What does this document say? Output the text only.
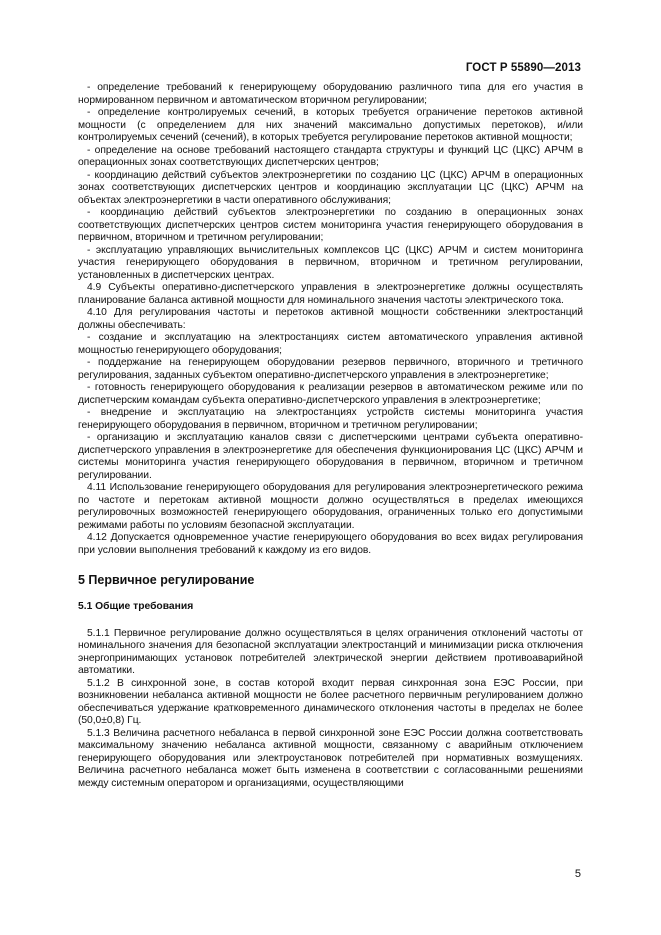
ГОСТ Р 55890—2013

- определение требований к генерирующему оборудованию различного типа для его участия в нормированном первичном и автоматическом вторичном регулировании;

- определение контролируемых сечений, в которых требуется ограничение перетоков активной мощности (с определением для них значений максимально допустимых перетоков), и/или контролируемых сечений (сечений), в которых требуется регулирование перетоков активной мощности;

- определение на основе требований настоящего стандарта структуры и функций ЦС (ЦКС) АРЧМ в операционных зонах соответствующих диспетчерских центров;

- координацию действий субъектов электроэнергетики по созданию ЦС (ЦКС) АРЧМ в операционных зонах соответствующих диспетчерских центров и координацию эксплуатации ЦС (ЦКС) АРЧМ на объектах электроэнергетики в части оперативного обслуживания;

- координацию действий субъектов электроэнергетики по созданию в операционных зонах соответствующих диспетчерских центров систем мониторинга участия генерирующего оборудования в первичном, вторичном и третичном регулировании;

- эксплуатацию управляющих вычислительных комплексов ЦС (ЦКС) АРЧМ и систем мониторинга участия генерирующего оборудования в первичном, вторичном и третичном регулировании, установленных в диспетчерских центрах.

4.9 Субъекты оперативно-диспетчерского управления в электроэнергетике должны осуществлять планирование баланса активной мощности для номинального значения частоты электрического тока.

4.10 Для регулирования частоты и перетоков активной мощности собственники электростанций должны обеспечивать:

- создание и эксплуатацию на электростанциях систем автоматического управления активной мощностью генерирующего оборудования;

- поддержание на генерирующем оборудовании резервов первичного, вторичного и третичного регулирования, заданных субъектом оперативно-диспетчерского управления в электроэнергетике;

- готовность генерирующего оборудования к реализации резервов в автоматическом режиме или по диспетчерским командам субъекта оперативно-диспетчерского управления в электроэнергетике;

- внедрение и эксплуатацию на электростанциях устройств системы мониторинга участия генерирующего оборудования в первичном, вторичном и третичном регулировании;

- организацию и эксплуатацию каналов связи с диспетчерскими центрами субъекта оперативно-диспетчерского управления в электроэнергетике для обеспечения функционирования ЦС (ЦКС) АРЧМ и системы мониторинга участия генерирующего оборудования в первичном, вторичном и третичном регулировании.

4.11 Использование генерирующего оборудования для регулирования электроэнергетического режима по частоте и перетокам активной мощности должно осуществляться в пределах имеющихся регулировочных возможностей генерирующего оборудования, ограниченных только его допустимыми режимами работы по условиям безопасной эксплуатации.

4.12 Допускается одновременное участие генерирующего оборудования во всех видах регулирования при условии выполнения требований к каждому из его видов.

5 Первичное регулирование
5.1 Общие требования

5.1.1 Первичное регулирование должно осуществляться в целях ограничения отклонений частоты от номинального значения для безопасной эксплуатации электростанций и минимизации риска отключения энергопринимающих установок потребителей электрической энергии действием противоаварийной автоматики.

5.1.2 В синхронной зоне, в состав которой входит первая синхронная зона ЕЭС России, при возникновении небаланса активной мощности не более расчетного первичным регулированием должно обеспечиваться удержание кратковременного динамического отклонения частоты в пределах не более (50,0±0,8) Гц.

5.1.3 Величина расчетного небаланса в первой синхронной зоне ЕЭС России должна соответствовать максимальному значению небаланса активной мощности, связанному с аварийным отключением генерирующего оборудования или электроустановок потребителей при нормативных возмущениях. Величина расчетного небаланса может быть изменена в соответствии с согласованными решениями между системным оператором и организациями, осуществляющими

5
